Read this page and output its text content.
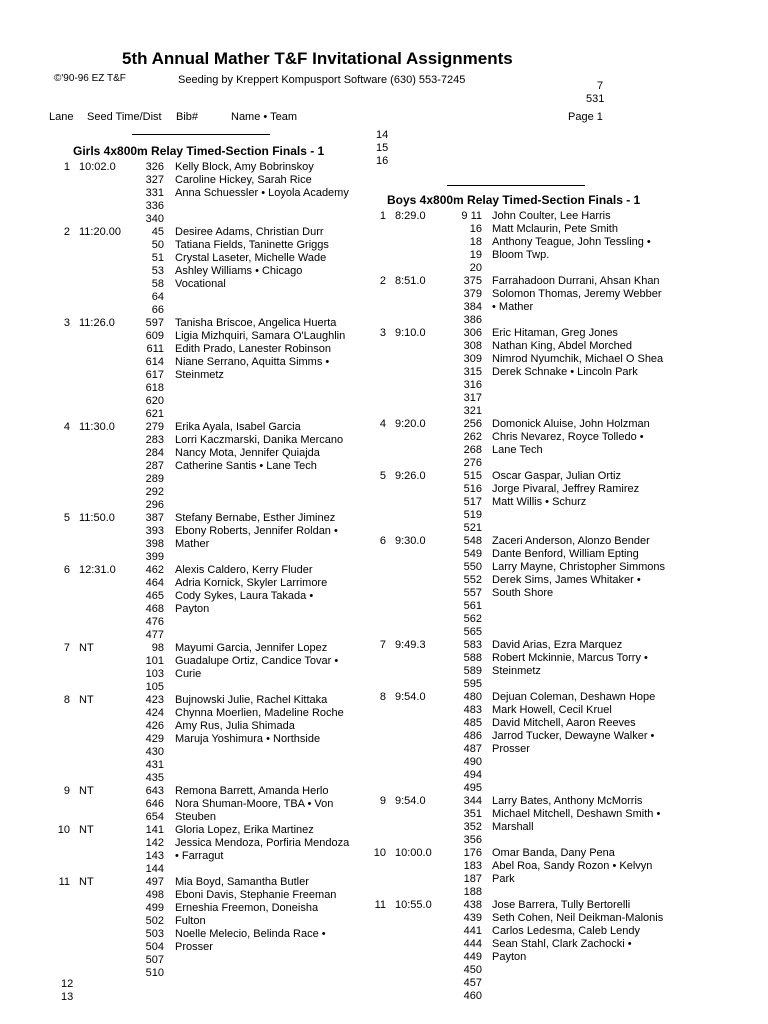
5th Annual Mather T&F Invitational Assignments
©'90-96 EZ T&F	Seeding by Kreppert Kompusport Software (630) 553-7245	7
531
Lane Seed Time/Dist Bib#	Name • Team	Page 1
Girls 4x800m Relay Timed-Section Finals - 1
1 10:02.0	326 Kelly Block, Amy Bobrinskoy
327 Caroline Hickey, Sarah Rice
331 Anna Schuessler • Loyola Academy
336
340
2 11:20.00	45 Desiree Adams, Christian Durr
50 Tatiana Fields, Taninette Griggs
51 Crystal Laseter, Michelle Wade
53 Ashley Williams • Chicago
58 Vocational
64
66
3 11:26.0	597 Tanisha Briscoe, Angelica Huerta
609 Ligia Mizhquiri, Samara O'Laughlin
611 Edith Prado, Lanester Robinson
614 Niane Serrano, Aquitta Simms •
617 Steinmetz
618
620
621
4 11:30.0	279 Erika Ayala, Isabel Garcia
283 Lorri Kaczmarski, Danika Mercano
284 Nancy Mota, Jennifer Quiajda
287 Catherine Santis • Lane Tech
289
292
296
5 11:50.0	387 Stefany Bernabe, Esther Jiminez
393 Ebony Roberts, Jennifer Roldan •
398 Mather
399
6 12:31.0	462 Alexis Caldero, Kerry Fluder
464 Adria Kornick, Skyler Larrimore
465 Cody Sykes, Laura Takada •
468 Payton
476
477
7 NT	98 Mayumi Garcia, Jennifer Lopez
101 Guadalupe Ortiz, Candice Tovar •
103 Curie
105
8 NT	423 Bujnowski Julie, Rachel Kittaka
424 Chynna Moerlien, Madeline Roche
426 Amy Rus, Julia Shimada
429 Maruja Yoshimura • Northside
430
431
435
9 NT	643 Remona Barrett, Amanda Herlo
646 Nora Shuman-Moore, TBA • Von
654 Steuben
10 NT	141 Gloria Lopez, Erika Martinez
142 Jessica Mendoza, Porfiria Mendoza
143 • Farragut
144
11 NT	497 Mia Boyd, Samantha Butler
498 Eboni Davis, Stephanie Freeman
499 Erneshia Freemon, Doneisha
502 Fulton
503 Noelle Melecio, Belinda Race •
504 Prosser
507
510
12
13
14
15
16
Boys 4x800m Relay Timed-Section Finals - 1
1 8:29.0	9 11 John Coulter, Lee Harris
16 Matt Mclaurin, Pete Smith
18 Anthony Teague, John Tessling •
19 Bloom Twp.
20
2 8:51.0	375 Farrahadoon Durrani, Ahsan Khan
379 Solomon Thomas, Jeremy Webber
384 • Mather
386
3 9:10.0	306 Eric Hitaman, Greg Jones
308 Nathan King, Abdel Morched
309 Nimrod Nyumchik, Michael O Shea
315 Derek Schnake • Lincoln Park
316
317
321
4 9:20.0	256 Domonick Aluise, John Holzman
262 Chris Nevarez, Royce Tolledo •
268 Lane Tech
276
5 9:26.0	515 Oscar Gaspar, Julian Ortiz
516 Jorge Pivaral, Jeffrey Ramirez
517 Matt Willis • Schurz
519
521
6 9:30.0	548 Zaceri Anderson, Alonzo Bender
549 Dante Benford, William Epting
550 Larry Mayne, Christopher Simmons
552 Derek Sims, James Whitaker •
557 South Shore
561
562
565
7 9:49.3	583 David Arias, Ezra Marquez
588 Robert Mckinnie, Marcus Torry •
589 Steinmetz
595
8 9:54.0	480 Dejuan Coleman, Deshawn Hope
483 Mark Howell, Cecil Kruel
485 David Mitchell, Aaron Reeves
486 Jarrod Tucker, Dewayne Walker •
487 Prosser
490
494
495
9 9:54.0	344 Larry Bates, Anthony McMorris
351 Michael Mitchell, Deshawn Smith •
352 Marshall
356
10 10:00.0	176 Omar Banda, Dany Pena
183 Abel Roa, Sandy Rozon • Kelvyn
187 Park
188
11 10:55.0	438 Jose Barrera, Tully Bertorelli
439 Seth Cohen, Neil Deikman-Malonis
441 Carlos Ledesma, Caleb Lendy
444 Sean Stahl, Clark Zachocki •
449 Payton
450
457
460
